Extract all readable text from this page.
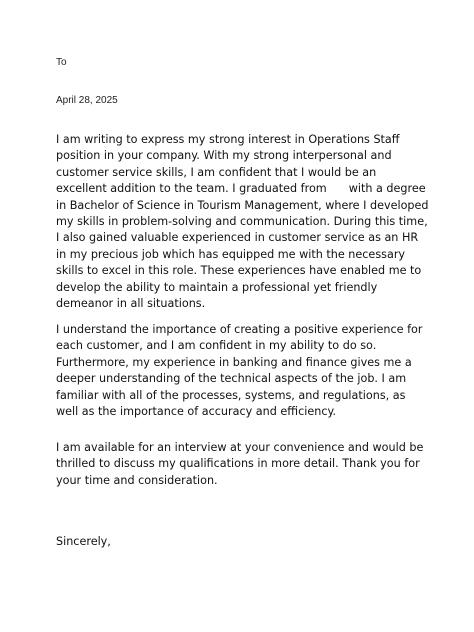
To
April 28, 2025
I am writing to express my strong interest in Operations Staff
position in your company. With my strong interpersonal and
customer service skills, I am confident that I would be an
excellent addition to the team. I graduated from with a degree
in Bachelor of Science in Tourism Management, where I developed
my skills in problem-solving and communication. During this time,
I also gained valuable experienced in customer service as an HR
in my precious job which has equipped me with the necessary
skills to excel in this role. These experiences have enabled me to
develop the ability to maintain a professional yet friendly
demeanor in all situations.
I understand the importance of creating a positive experience for
each customer, and I am confident in my ability to do so.
Furthermore, my experience in banking and finance gives me a
deeper understanding of the technical aspects of the job. I am
familiar with all of the processes, systems, and regulations, as
well as the importance of accuracy and efficiency.
I am available for an interview at your convenience and would be
thrilled to discuss my qualifications in more detail. Thank you for
your time and consideration.
Sincerely,
